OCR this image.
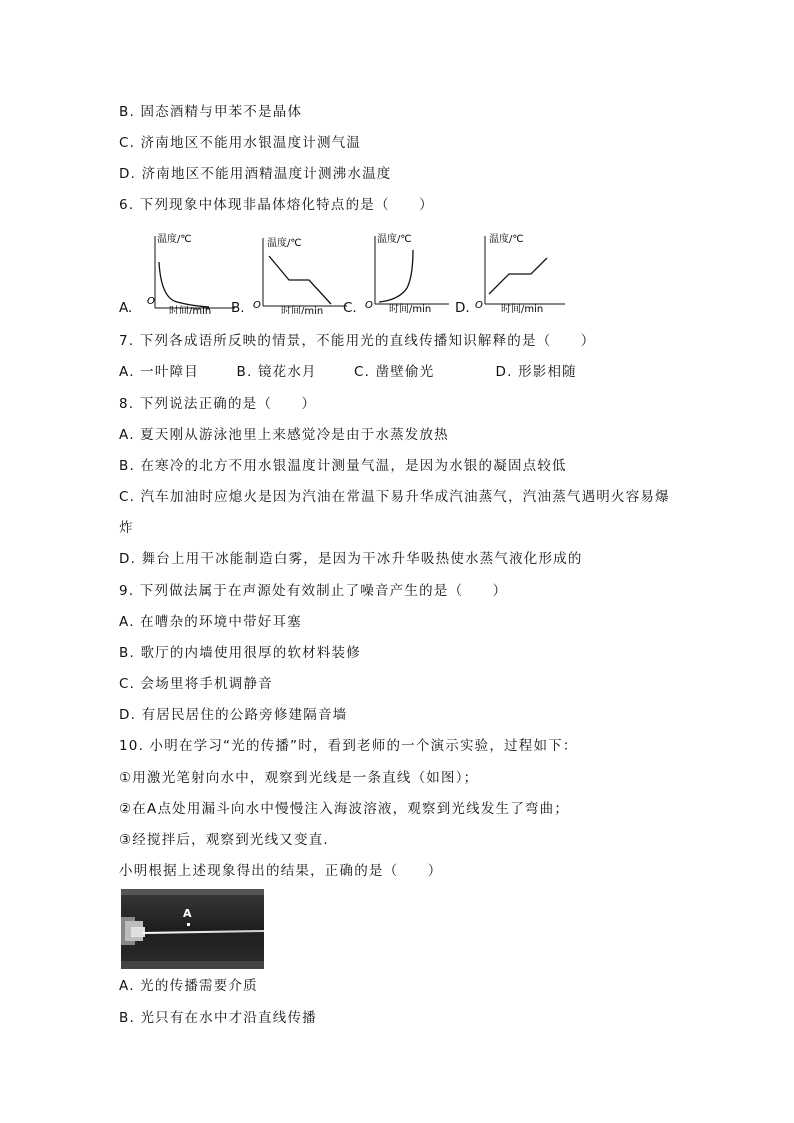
B. 固态酒精与甲苯不是晶体
C. 济南地区不能用水银温度计测气温
D. 济南地区不能用酒精温度计测沸水温度
6. 下列现象中体现非晶体熔化特点的是（　　）
A.
温度/℃
O
时间/min B.
温度/℃
O
时间/min C.
温度/℃
O 时间/min D.
温度/℃
O 时间/min
7. 下列各成语所反映的情景，不能用光的直线传播知识解释的是（　　）
A. 一叶障目	B. 镜花水月	C. 凿壁偷光	D. 形影相随
8. 下列说法正确的是（　　）
A. 夏天刚从游泳池里上来感觉冷是由于水蒸发放热
B. 在寒冷的北方不用水银温度计测量气温，是因为水银的凝固点较低
C. 汽车加油时应熄火是因为汽油在常温下易升华成汽油蒸气，汽油蒸气遇明火容易爆
炸
D. 舞台上用干冰能制造白雾，是因为干冰升华吸热使水蒸气液化形成的
9. 下列做法属于在声源处有效制止了噪音产生的是（　　）
A. 在嘈杂的环境中带好耳塞
B. 歌厅的内墙使用很厚的软材料装修
C. 会场里将手机调静音
D. 有居民居住的公路旁修建隔音墙
10. 小明在学习“光的传播”时，看到老师的一个演示实验，过程如下：
①用激光笔射向水中，观察到光线是一条直线（如图）；
②在A点处用漏斗向水中慢慢注入海波溶液，观察到光线发生了弯曲；
③经搅拌后，观察到光线又变直.
小明根据上述现象得出的结果，正确的是（　　）
A
A. 光的传播需要介质
B. 光只有在水中才沿直线传播
